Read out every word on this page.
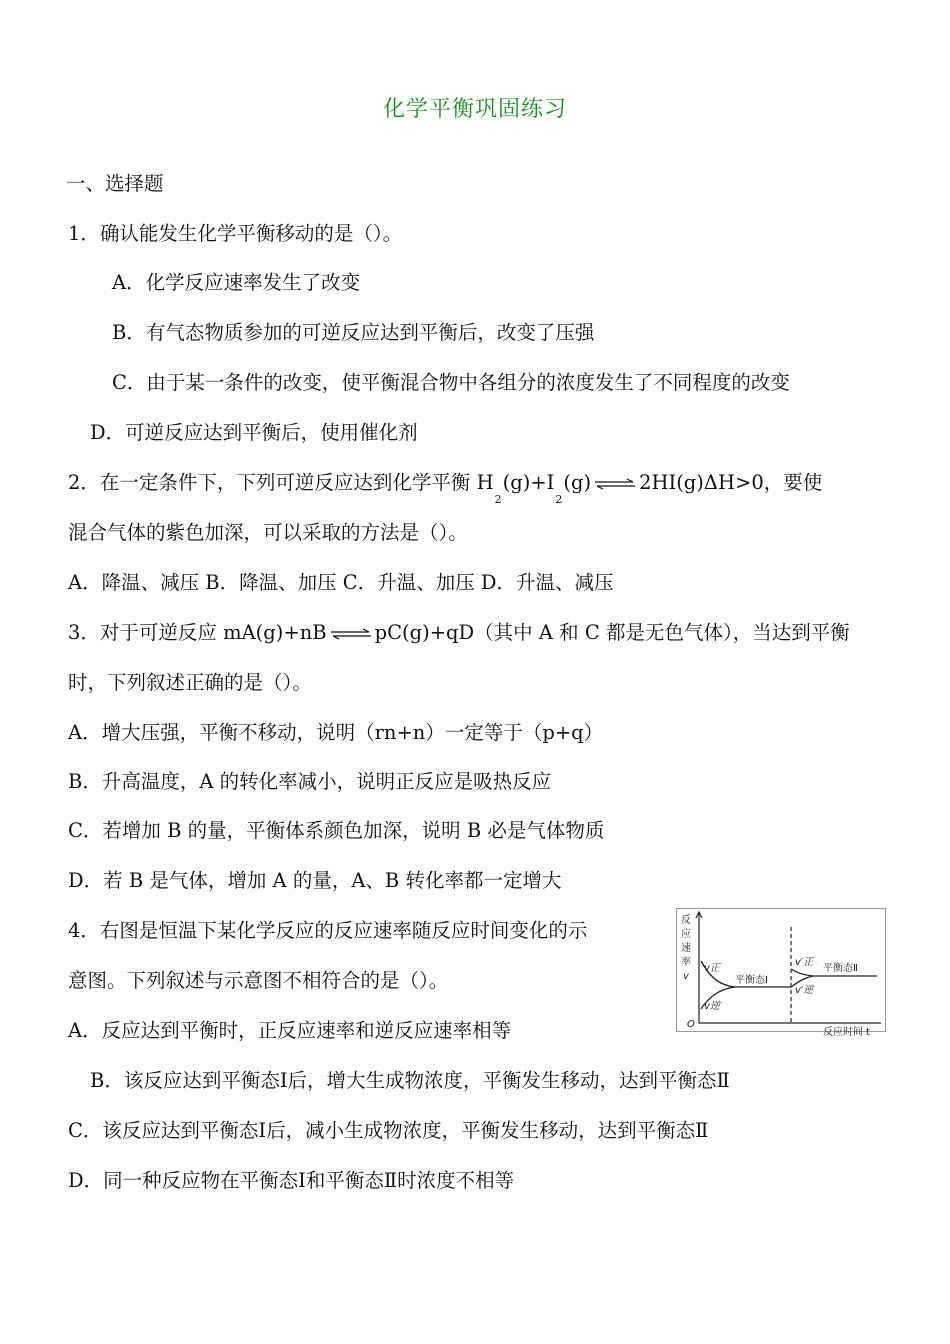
化学平衡巩固练习
一、选择题
1．确认能发生化学平衡移动的是（）。
A．化学反应速率发生了改变
B．有气态物质参加的可逆反应达到平衡后，改变了压强
C．由于某一条件的改变，使平衡混合物中各组分的浓度发生了不同程度的改变
D．可逆反应达到平衡后，使用催化剂
2．在一定条件下，下列可逆反应达到化学平衡 $H_2(g)+I_2(g)$ ⇌ 2HI(g)ΔH>0，要使
混合气体的紫色加深，可以采取的方法是（）。
A．降温、减压 B．降温、加压 C．升温、加压 D．升温、减压
3．对于可逆反应 mA(g)+nB ⇌ pC(g)+qD（其中 A 和 C 都是无色气体），当达到平衡
时，下列叙述正确的是（）。
A．增大压强，平衡不移动，说明（rn+n）一定等于（p+q）
B．升高温度，A 的转化率减小，说明正反应是吸热反应
C．若增加 B 的量，平衡体系颜色加深，说明 B 必是气体物质
D．若 B 是气体，增加 A 的量，A、B 转化率都一定增大
4．右图是恒温下某化学反应的反应速率随反应时间变化的示
意图。下列叙述与示意图不相符合的是（）。
A．反应达到平衡时，正反应速率和逆反应速率相等
B．该反应达到平衡态Ⅰ后，增大生成物浓度，平衡发生移动，达到平衡态Ⅱ
C．该反应达到平衡态Ⅰ后，减小生成物浓度，平衡发生移动，达到平衡态Ⅱ
D．同一种反应物在平衡态Ⅰ和平衡态Ⅱ时浓度不相等
反
应
速
率
v
O
反应时间 t
v正
v逆
平衡态Ⅰ
v′正
v′逆
平衡态Ⅱ
